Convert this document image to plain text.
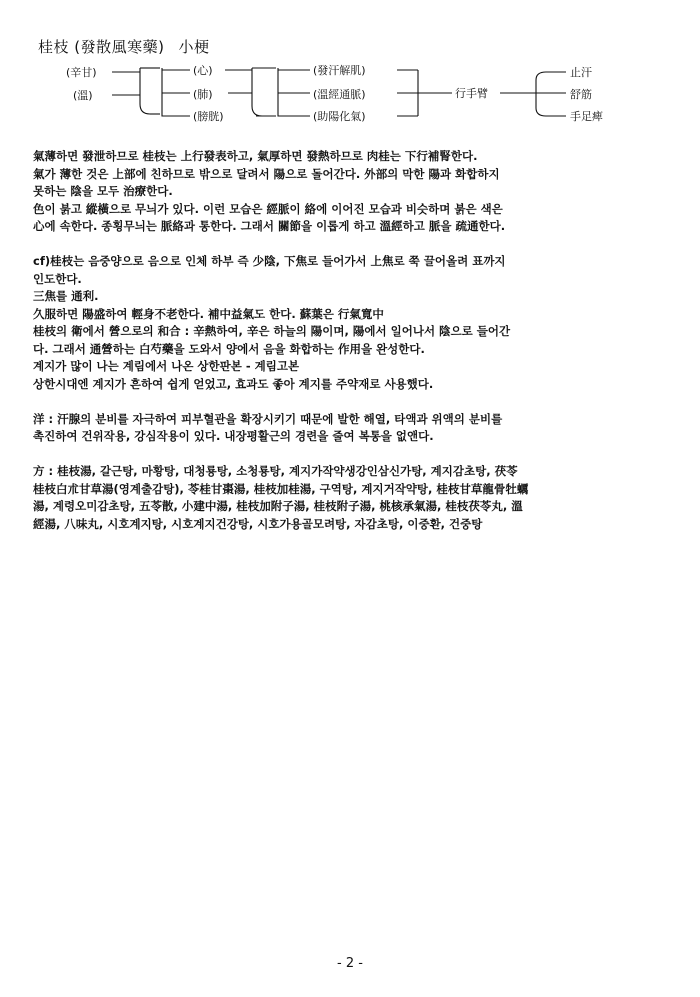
桂枝 (發散風寒藥) 小梗
(辛甘)
(溫)
(心)
(肺)
(膀胱)
(發汗解肌)
(溫經通脈)
(助陽化氣)
行手臂
止汗
舒筋
手足痺

氣薄하면 發泄하므로 桂枝는 上行發表하고, 氣厚하면 發熱하므로 肉桂는 下行補腎한다.

氣가 薄한 것은 上部에 친하므로 밖으로 달려서 陽으로 돌어간다. 外部의 막한 陽과 화합하지

못하는 陰을 모두 治療한다.

色이 붉고 縱橫으로 무늬가 있다. 이런 모습은 經脈이 絡에 이어진 모습과 비슷하며 붉은 색은

心에 속한다. 종횡무늬는 脈絡과 통한다. 그래서 關節을 이롭게 하고 溫經하고 脈을 疏通한다.

cf)桂枝는 음중양으로 음으로 인체 하부 즉 少陰, 下焦로 들어가서 上焦로 쭉 끌어올려 표까지

인도한다.

三焦를 通利.

久服하면 陽盛하여 輕身不老한다. 補中益氣도 한다. 蘇葉은 行氣寬中

桂枝의 衛에서 營으로의 和合 : 辛熱하여, 辛은 하늘의 陽이며, 陽에서 일어나서 陰으로 들어간

다. 그래서 通營하는 白芍藥을 도와서 양에서 음을 화합하는 作用을 완성한다.

계지가 많이 나는 계림에서 나온 상한판본 - 계림고본

상한시대엔 계지가 흔하여 쉽게 얻었고, 효과도 좋아 계지를 주약재로 사용했다.

洋 : 汗腺의 분비를 자극하여 피부혈관을 확장시키기 때문에 발한 해열, 타액과 위액의 분비를

촉진하여 건위작용, 강심작용이 있다. 내장평활근의 경련을 줄여 복통을 없앤다.

方 : 桂枝湯, 갈근탕, 마황탕, 대청룡탕, 소청룡탕, 계지가작약생강인삼신가탕, 계지감초탕, 茯苓

桂枝白朮甘草湯(영계출감탕), 苓桂甘棗湯, 桂枝加桂湯, 구역탕, 계지거작약탕, 桂枝甘草龍骨牡蠣

湯, 계령오미감초탕, 五苓散, 小建中湯, 桂枝加附子湯, 桂枝附子湯, 桃核承氣湯, 桂枝茯苓丸, 溫

經湯, 八味丸, 시호계지탕, 시호계지건강탕, 시호가용골모려탕, 자감초탕, 이중환, 건중탕

- 2 -
